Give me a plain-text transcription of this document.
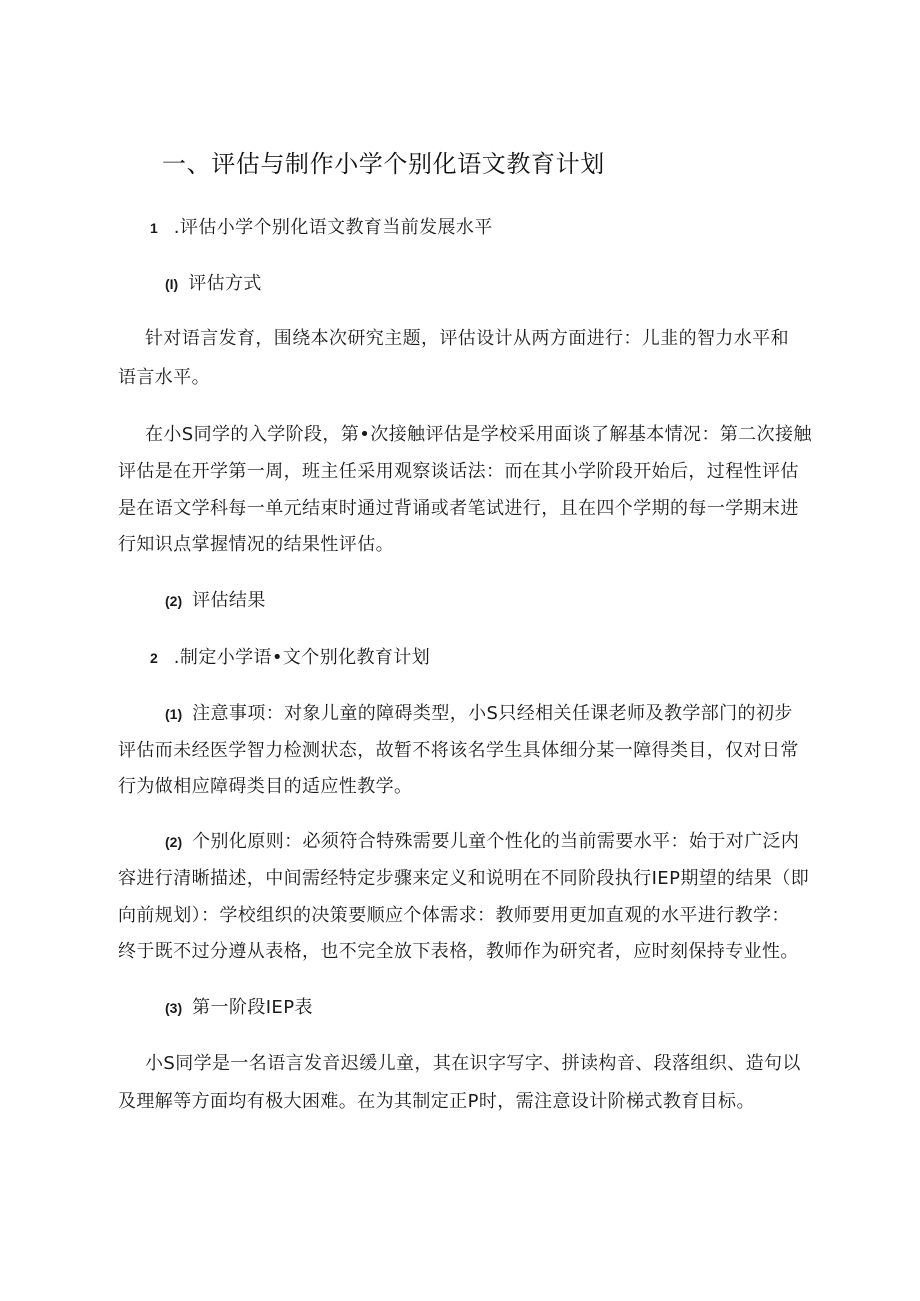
一、评估与制作小学个别化语文教育计划
1 .评估小学个别化语文教育当前发展水平
(I) 评估方式
针对语言发育，围绕本次研究主题，评估设计从两方面进行：儿韭的智力水平和
语言水平。
在小S同学的入学阶段，第•次接触评估是学校采用面谈了解基本情况：第二次接触
评估是在开学第一周，班主任采用观察谈话法：而在其小学阶段开始后，过程性评估
是在语文学科每一单元结束时通过背诵或者笔试进行，且在四个学期的每一学期末进
行知识点掌握情况的结果性评估。
(2) 评估结果
2 .制定小学语•文个别化教育计划
(1) 注意事项：对象儿童的障碍类型，小S只经相关任课老师及教学部门的初步
评估而未经医学智力检测状态，故暂不将该名学生具体细分某一障得类目，仅对日常
行为做相应障碍类目的适应性教学。
(2) 个别化原则：必须符合特殊需要儿童个性化的当前需要水平：始于对广泛内
容进行清晰描述，中间需经特定步骤来定义和说明在不同阶段执行IEP期望的结果（即
向前规划）：学校组织的决策要顺应个体需求：教师要用更加直观的水平进行教学：
终于既不过分遵从表格，也不完全放下表格，教师作为研究者，应时刻保持专业性。
(3) 第一阶段IEP表
小S同学是一名语言发音迟缓儿童，其在识字写字、拼读构音、段落组织、造句以
及理解等方面均有极大困难。在为其制定正P时，需注意设计阶梯式教育目标。
